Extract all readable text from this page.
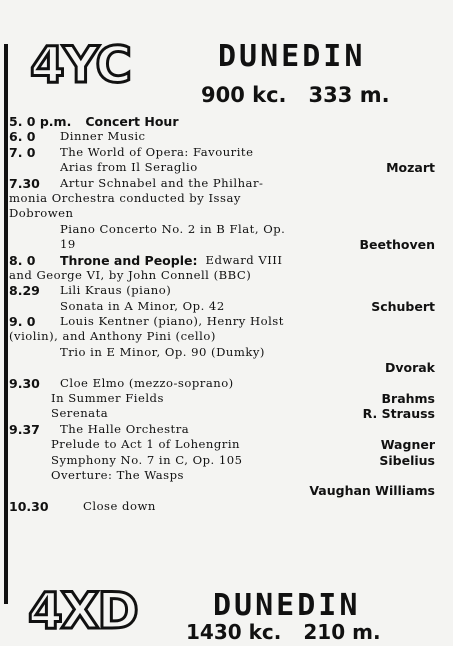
4YC	DUNEDIN
900 kc. 333 m.
5. 0 p.m. Concert Hour
6. 0	Dinner Music
7. 0	The World of Opera: Favourite
Arias from Il Seraglio	Mozart
7.30	Artur Schnabel and the Philhar-
monia Orchestra conducted by Issay
Dobrowen
Piano Concerto No. 2 in B Flat, Op.
19	Beethoven
8. 0	Throne and People: Edward VIII
and George VI, by John Connell (BBC)
8.29	Lili Kraus (piano)
Sonata in A Minor, Op. 42	Schubert
9. 0	Louis Kentner (piano), Henry Holst
(violin), and Anthony Pini (cello)
Trio in E Minor, Op. 90 (Dumky)
Dvorak
9.30	Cloe Elmo (mezzo-soprano)
In Summer Fields	Brahms
Serenata	R. Strauss
9.37	The Halle Orchestra
Prelude to Act 1 of Lohengrin	Wagner
Symphony No. 7 in C, Op. 105	Sibelius
Overture: The Wasps
Vaughan Williams
10.30	Close down
4XD	DUNEDIN
1430 kc. 210 m.
